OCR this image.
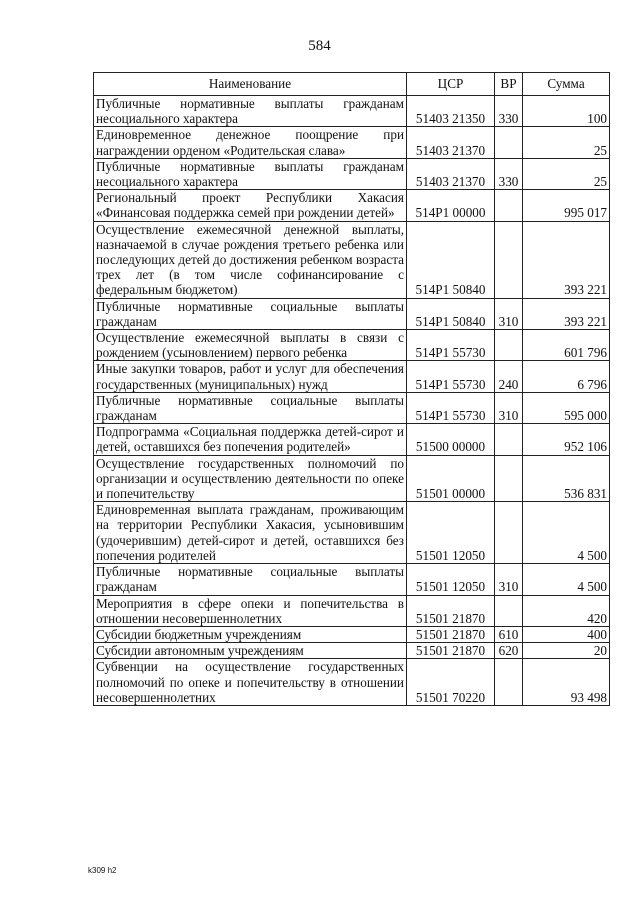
584
Наименование	ЦСР	ВР	Сумма
Публичные нормативные выплаты гражданам несоциального характера	51403 21350	330	100
Единовременное денежное поощрение при награждении орденом «Родительская слава»	51403 21370		25
Публичные нормативные выплаты гражданам несоциального характера	51403 21370	330	25
Региональный проект Республики Хакасия «Финансовая поддержка семей при рождении детей»	514P1 00000		995 017
Осуществление ежемесячной денежной выплаты, назначаемой в случае рождения третьего ребенка или последующих детей до достижения ребенком возраста трех лет (в том числе софинансирование с федеральным бюджетом)	514P1 50840		393 221
Публичные нормативные социальные выплаты гражданам	514P1 50840	310	393 221
Осуществление ежемесячной выплаты в связи с рождением (усыновлением) первого ребенка	514P1 55730		601 796
Иные закупки товаров, работ и услуг для обеспечения государственных (муниципальных) нужд	514P1 55730	240	6 796
Публичные нормативные социальные выплаты гражданам	514P1 55730	310	595 000
Подпрограмма «Социальная поддержка детей-сирот и детей, оставшихся без попечения родителей»	51500 00000		952 106
Осуществление государственных полномочий по организации и осуществлению деятельности по опеке и попечительству	51501 00000		536 831
Единовременная выплата гражданам, проживающим на территории Республики Хакасия, усыновившим (удочерившим) детей-сирот и детей, оставшихся без попечения родителей	51501 12050		4 500
Публичные нормативные социальные выплаты гражданам	51501 12050	310	4 500
Мероприятия в сфере опеки и попечительства в отношении несовершеннолетних	51501 21870		420
Субсидии бюджетным учреждениям	51501 21870	610	400
Субсидии автономным учреждениям	51501 21870	620	20
Субвенции на осуществление государственных полномочий по опеке и попечительству в отношении несовершеннолетних	51501 70220		93 498
k309 h2
